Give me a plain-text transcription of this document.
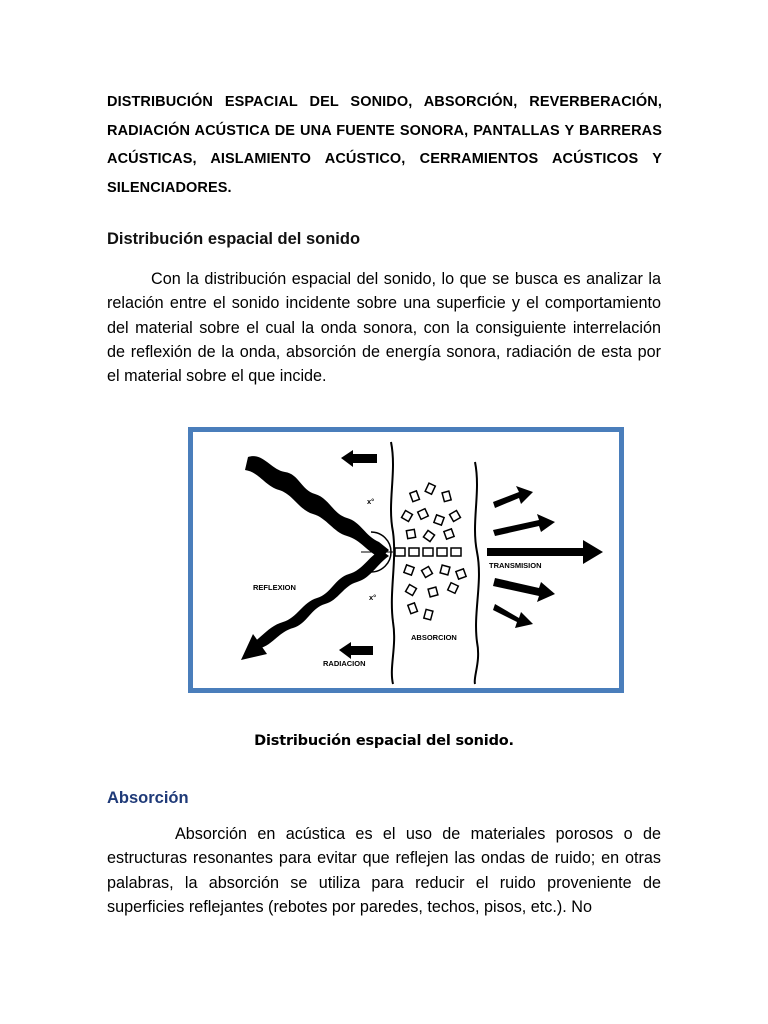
DISTRIBUCIÓN ESPACIAL DEL SONIDO, ABSORCIÓN, REVERBERACIÓN, RADIACIÓN ACÚSTICA DE UNA FUENTE SONORA, PANTALLAS Y BARRERAS ACÚSTICAS, AISLAMIENTO ACÚSTICO, CERRAMIENTOS ACÚSTICOS Y SILENCIADORES.
Distribución espacial del sonido
Con la distribución espacial del sonido, lo que se busca es analizar la relación entre el sonido incidente sobre una superficie y el comportamiento del material sobre el cual la onda sonora, con la consiguiente interrelación de reflexión de la onda, absorción de energía sonora, radiación de esta por el material sobre el que incide.
REFLEXION
TRANSMISION
ABSORCION
RADIACION
x°
x°
Distribución espacial del sonido.
Absorción
Absorción en acústica es el uso de materiales porosos o de estructuras resonantes para evitar que reflejen las ondas de ruido; en otras palabras, la absorción se utiliza para reducir el ruido proveniente de superficies reflejantes (rebotes por paredes, techos, pisos, etc.). No
